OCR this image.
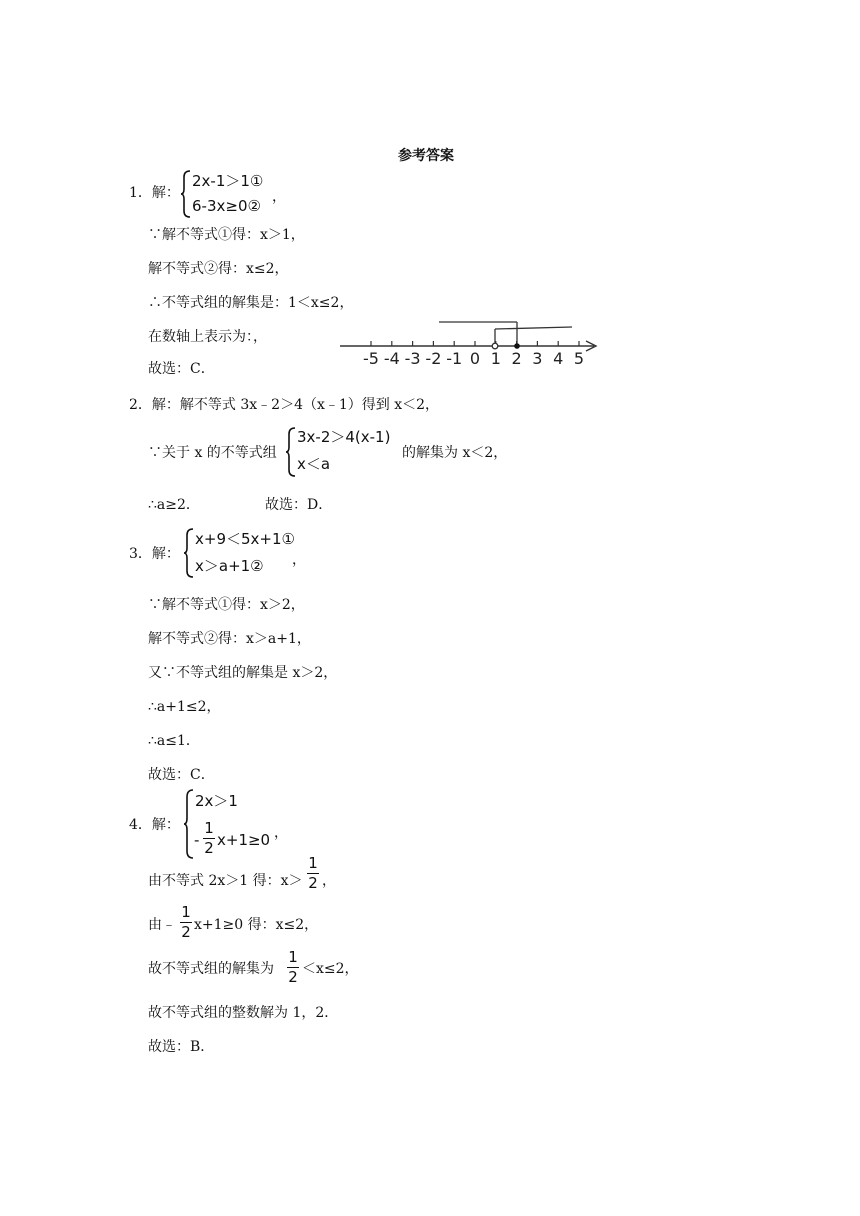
参考答案
1．解：
2x-1＞1①
6-3x≥0② ，
∵解不等式①得：x＞1，
解不等式②得：x≤2，
∴不等式组的解集是：1＜x≤2，
在数轴上表示为：，
故选：C．
-5 -4 -3 -2 -1 0 1 2 3 4 5
2．解：解不等式 3x﹣2＞4（x﹣1）得到 x＜2，
∵关于 x 的不等式组
3x-2＞4(x-1)
x＜a
的解集为 x＜2，
∴a≥2．	故选：D．
3．解：
x+9＜5x+1①
x＞a+1② ，
∵解不等式①得：x＞2，
解不等式②得：x＞a+1，
又∵不等式组的解集是 x＞2，
∴a+1≤2，
∴a≤1．
故选：C．
4．解：
2x＞1
-
1
2 x+1≥0 ，
由不等式 2x＞1 得：x＞
1
2 ，
由﹣
1
2 x+1≥0 得：x≤2，
故不等式组的解集为
1
2 ＜x≤2，
故不等式组的整数解为 1，2．
故选：B．
